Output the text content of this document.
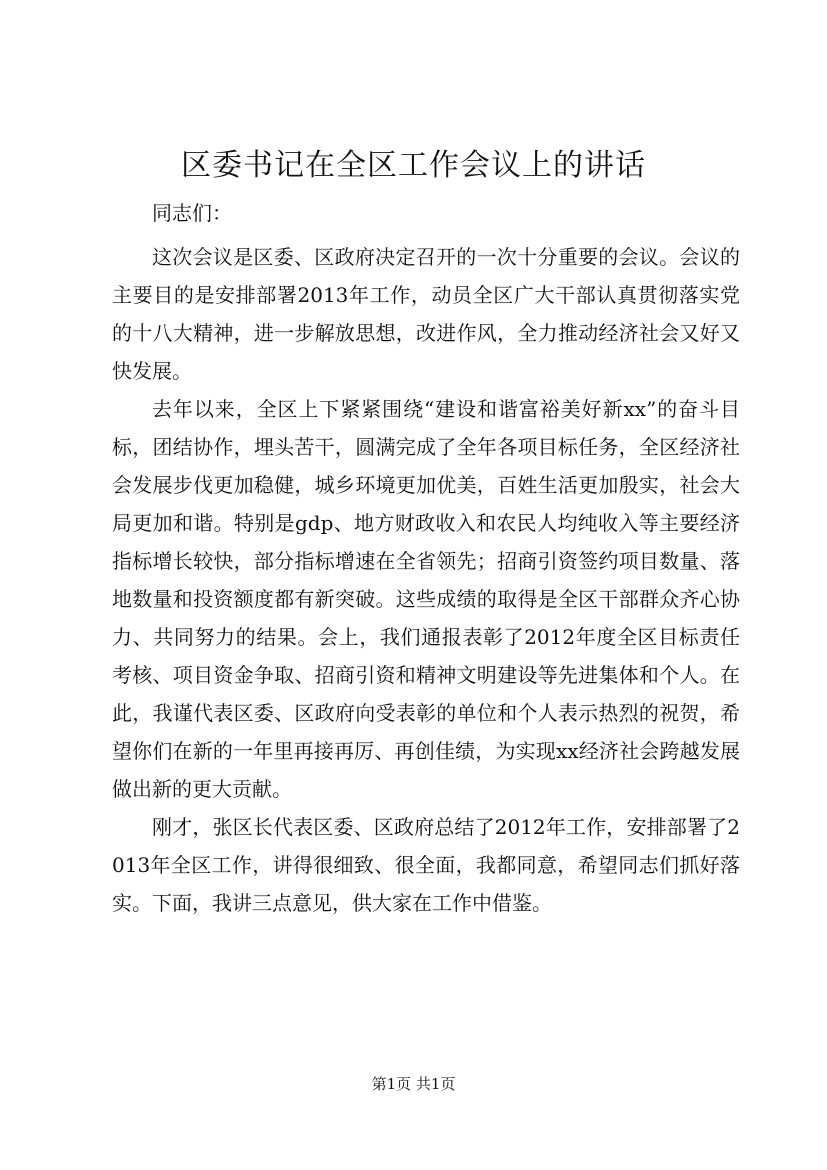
区委书记在全区工作会议上的讲话

同志们：

这次会议是区委、区政府决定召开的一次十分重要的会议。会议的主要目的是安排部署2013年工作，动员全区广大干部认真贯彻落实党的十八大精神，进一步解放思想，改进作风，全力推动经济社会又好又快发展。

去年以来，全区上下紧紧围绕“建设和谐富裕美好新xx”的奋斗目标，团结协作，埋头苦干，圆满完成了全年各项目标任务，全区经济社会发展步伐更加稳健，城乡环境更加优美，百姓生活更加殷实，社会大局更加和谐。特别是gdp、地方财政收入和农民人均纯收入等主要经济指标增长较快，部分指标增速在全省领先；招商引资签约项目数量、落地数量和投资额度都有新突破。这些成绩的取得是全区干部群众齐心协力、共同努力的结果。会上，我们通报表彰了2012年度全区目标责任考核、项目资金争取、招商引资和精神文明建设等先进集体和个人。在此，我谨代表区委、区政府向受表彰的单位和个人表示热烈的祝贺，希望你们在新的一年里再接再厉、再创佳绩，为实现xx经济社会跨越发展做出新的更大贡献。

刚才，张区长代表区委、区政府总结了2012年工作，安排部署了2013年全区工作，讲得很细致、很全面，我都同意，希望同志们抓好落实。下面，我讲三点意见，供大家在工作中借鉴。

第1页 共1页
